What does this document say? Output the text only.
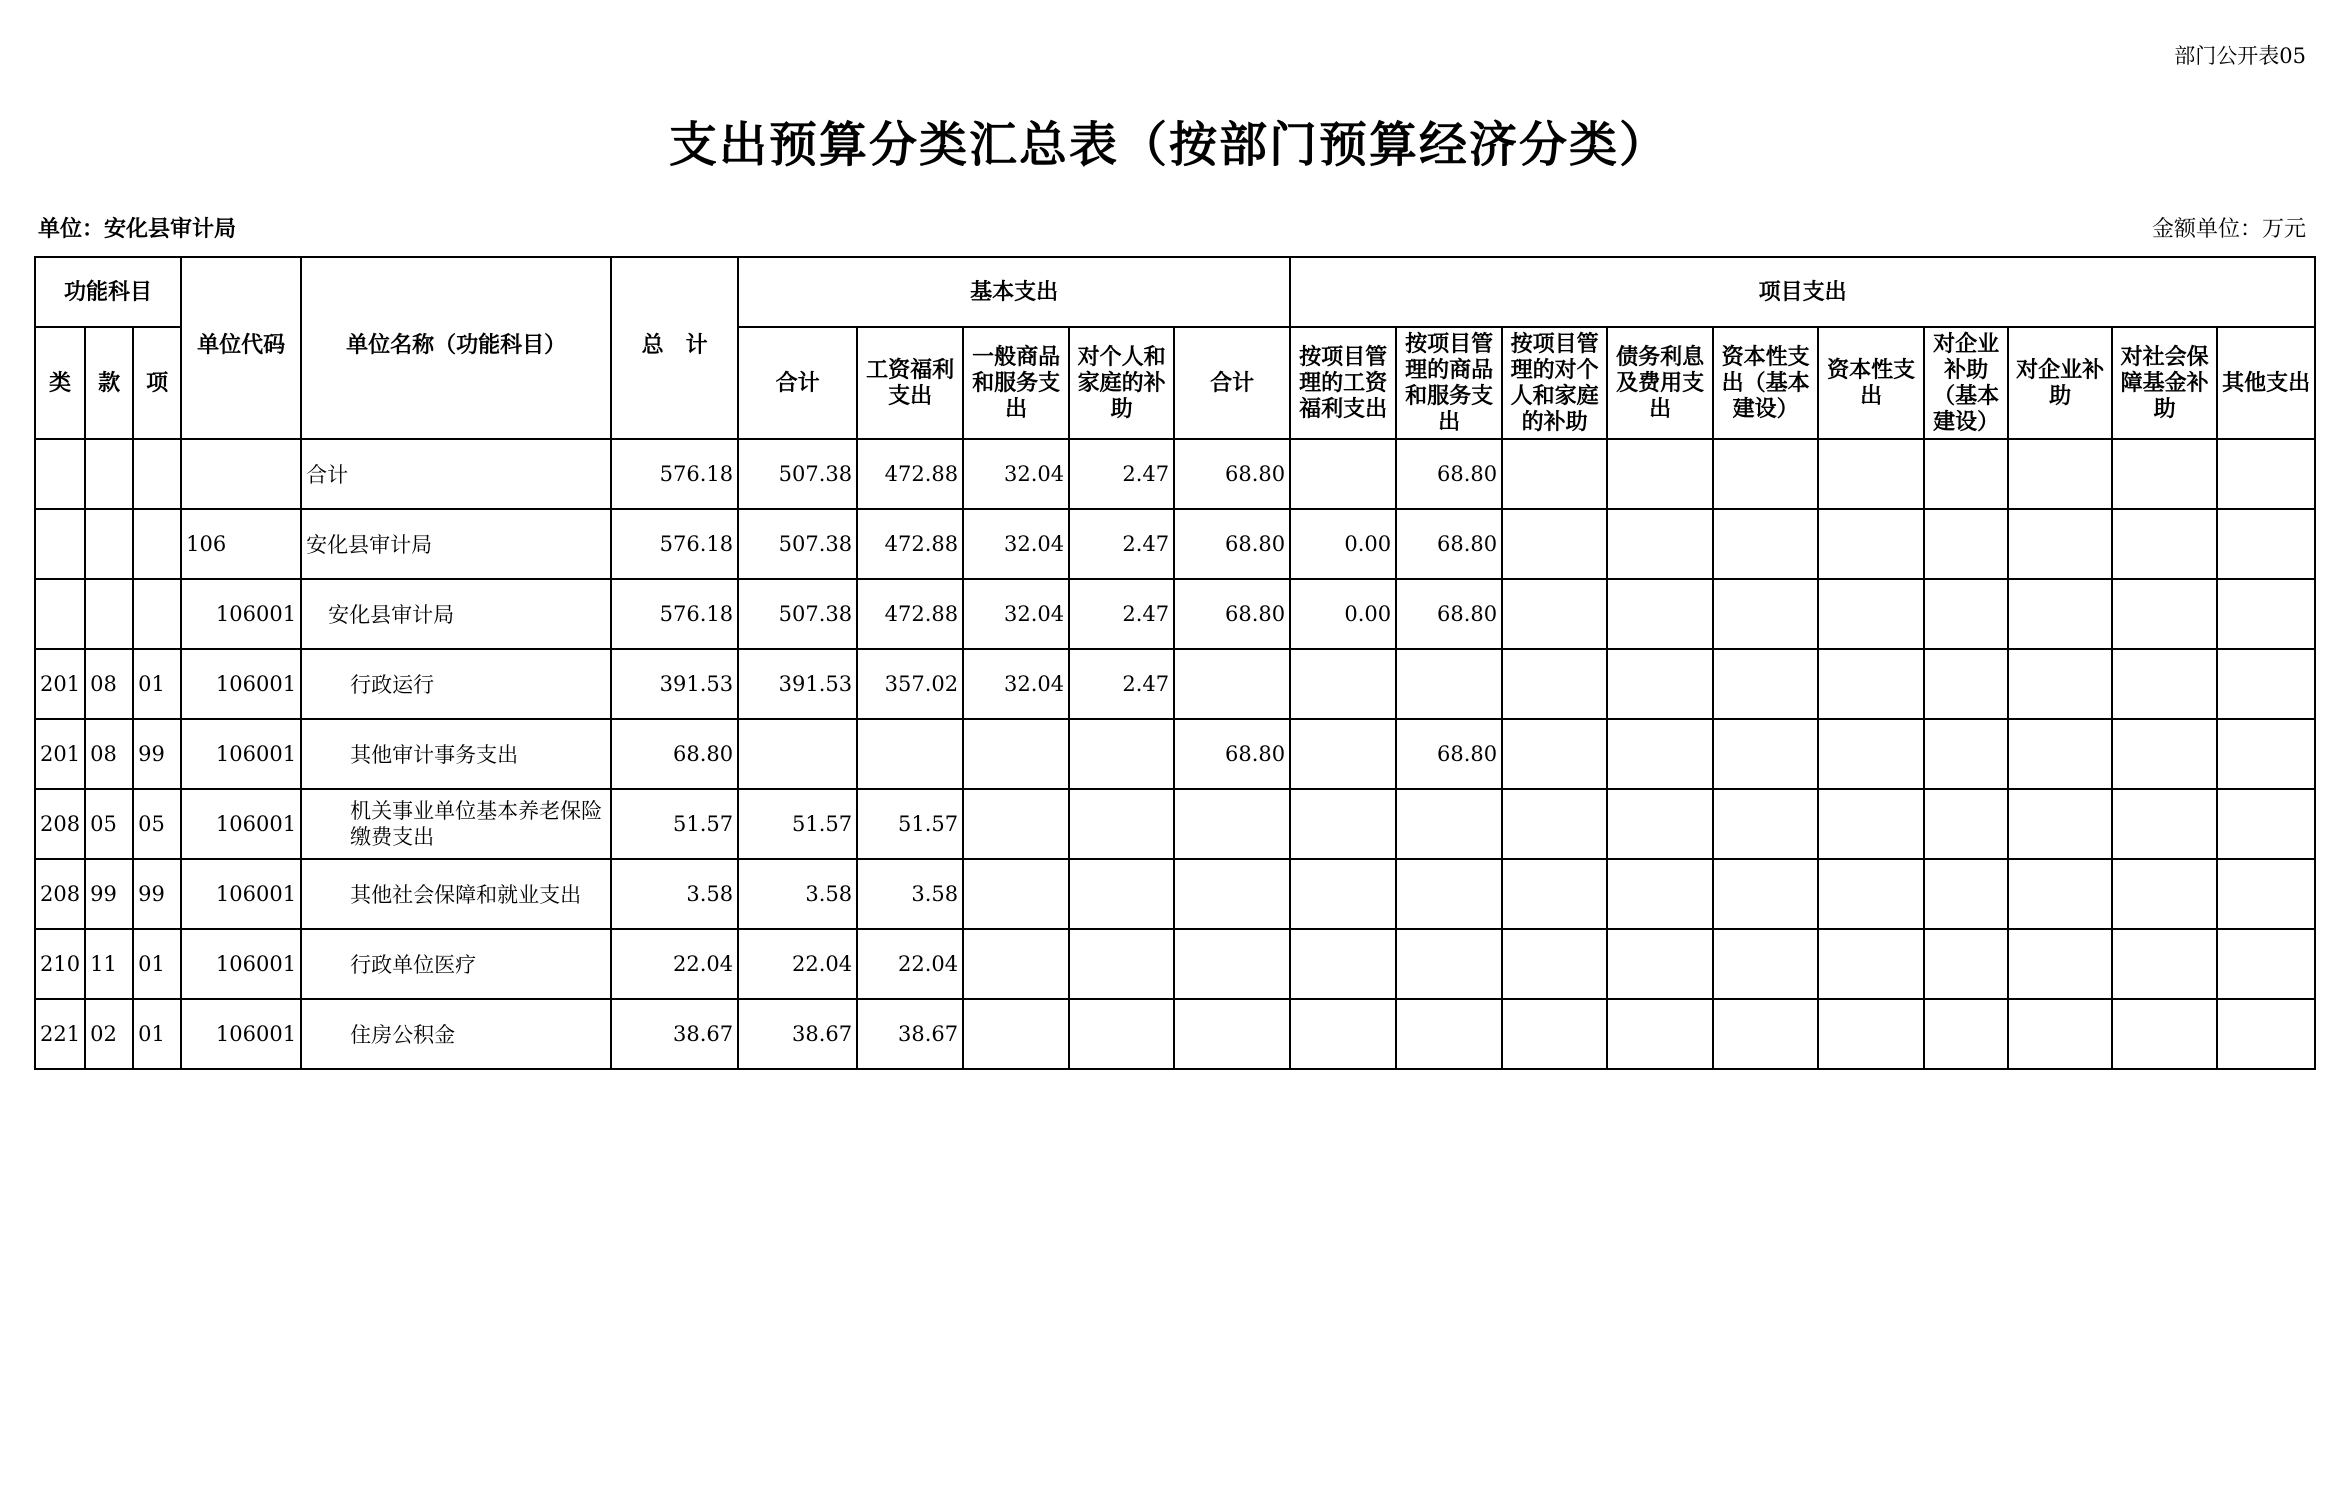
部门公开表05
支出预算分类汇总表（按部门预算经济分类）
单位：安化县审计局	金额单位：万元
功能科目			单位代码	单位名称（功能科目）	总　计	基本支出					项目支出									
类	款	项				合计	工资福利支出	一般商品和服务支出	对个人和家庭的补助	合计	按项目管理的工资福利支出	按项目管理的商品和服务支出	按项目管理的对个人和家庭的补助	债务利息及费用支出	资本性支出（基本建设）	资本性支出	对企业补助（基本建设）	对企业补助	对社会保障基金补助	其他支出
				合计	576.18	507.38	472.88	32.04	2.47	68.80		68.80								
			106	安化县审计局	576.18	507.38	472.88	32.04	2.47	68.80	0.00	68.80								
			106001	安化县审计局	576.18	507.38	472.88	32.04	2.47	68.80	0.00	68.80								
201	08	01	106001	行政运行	391.53	391.53	357.02	32.04	2.47											
201	08	99	106001	其他审计事务支出	68.80					68.80		68.80								
208	05	05	106001	机关事业单位基本养老保险缴费支出	51.57	51.57	51.57													
208	99	99	106001	其他社会保障和就业支出	3.58	3.58	3.58													
210	11	01	106001	行政单位医疗	22.04	22.04	22.04													
221	02	01	106001	住房公积金	38.67	38.67	38.67													
